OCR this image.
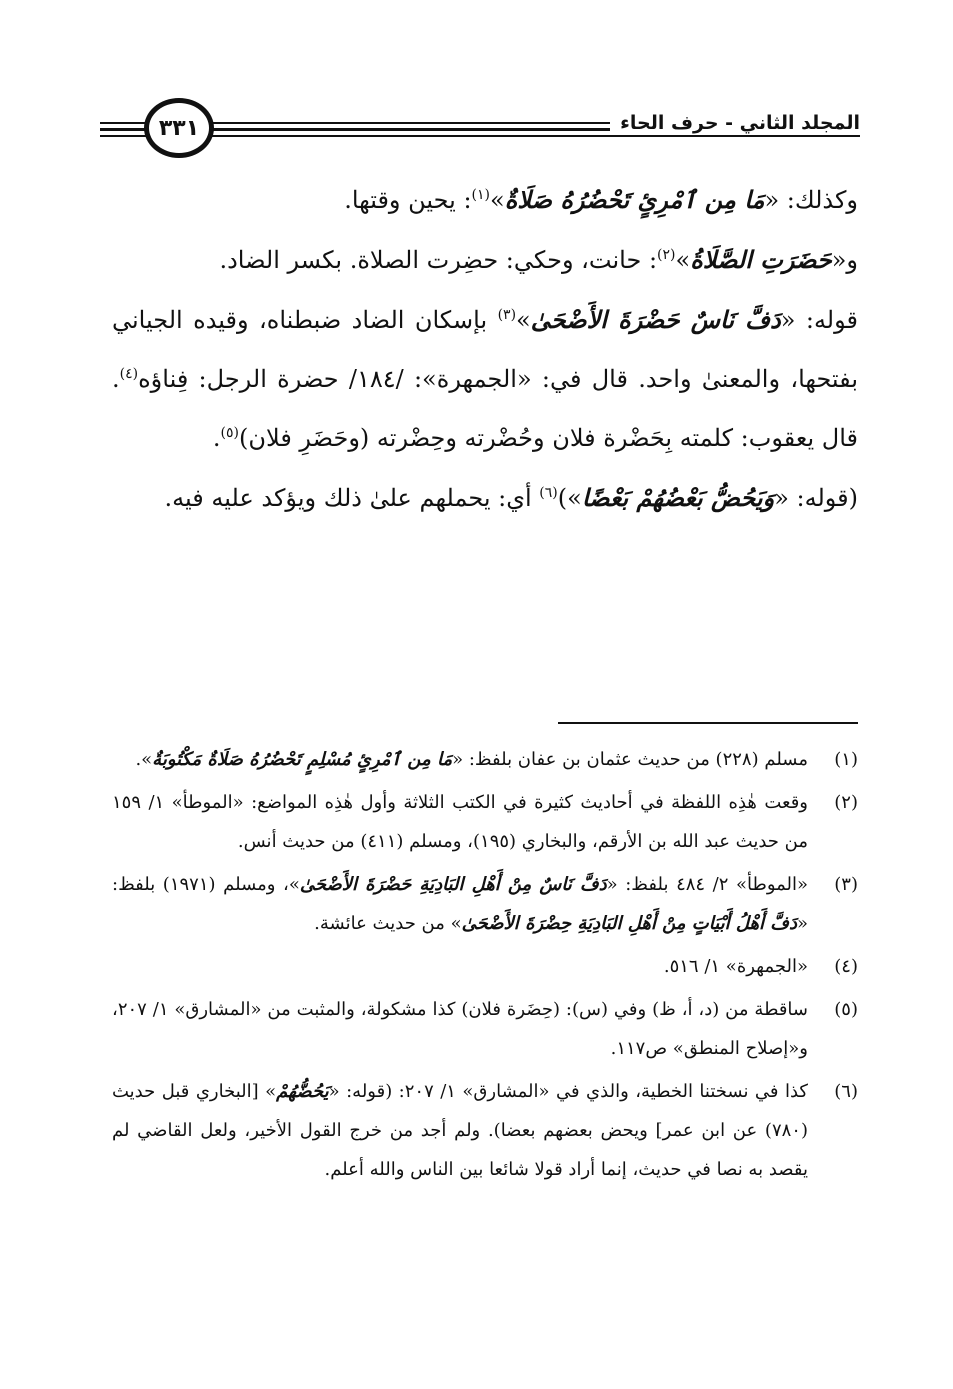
المجلد الثاني - حرف الحاء
٣٣١

وكذلك: «مَا مِن ٱمْرِئٍ تَحْضُرُهُ صَلَاةٌ»$^{(١)}$: يحين وقتها.

و«حَضَرَتِ الصَّلَاةُ»$^{(٢)}$: حانت، وحكي: حضِرت الصلاة. بكسر الضاد.

قوله: «دَفَّ نَاسٌ حَضْرَةَ الأَضْحَىٰ»$^{(٣)}$ بإسكان الضاد ضبطناه، وقيده الجياني بفتحها، والمعنىٰ واحد. قال في: «الجمهرة»: /١٨٤/ حضرة الرجل: فِناؤه$^{(٤)}$. قال يعقوب: كلمته بِحَضْرة فلان وحُضْرته وحِضْرته (وحَضَرِ فلان)$^{(٥)}$.

(قوله: «وَيَحُضُّ بَعْضُهُمْ بَعْضًا»)$^{(٦)}$ أي: يحملهم علىٰ ذلك ويؤكد عليه فيه.

(١)
مسلم (٢٢٨) من حديث عثمان بن عفان بلفظ: «مَا مِن ٱمْرِئٍ مُسْلِمٍ تَحْضُرُهُ صَلَاةٌ مَكْتُوبَةٌ».
(٢)
وقعت هٰذِه اللفظة في أحاديث كثيرة في الكتب الثلاثة وأول هٰذِه المواضع: «الموطأ» ١/ ١٥٩ من حديث عبد الله بن الأرقم، والبخاري (١٩٥)، ومسلم (٤١١) من حديث أنس.
(٣)
«الموطأ» ٢/ ٤٨٤ بلفظ: «دَفَّ نَاسٌ مِنْ أَهْلِ البَادِيَةِ حَضْرَةَ الأَضْحَىٰ»، ومسلم (١٩٧١) بلفظ: «دَفَّ أَهْلُ أَبْيَاتٍ مِنْ أَهْلِ البَادِيَةِ حِضْرَةَ الأَضْحَىٰ» من حديث عائشة.
(٤)
«الجمهرة» ١/ ٥١٦.
(٥)
ساقطة من (د، أ، ظ) وفي (س): (حِضَرة فلان) كذا مشكولة، والمثبت من «المشارق» ١/ ٢٠٧، و«إصلاح المنطق» ص١١٧.
(٦)
كذا في نسختنا الخطية، والذي في «المشارق» ١/ ٢٠٧: (قوله: «يَحُضُّهُمْ» [البخاري قبل حديث (٧٨٠) عن ابن عمر] ويحض بعضهم بعضا). ولم أجد من خرج القول الأخير، ولعل القاضي لم يقصد به نصا في حديث، إنما أراد قولا شائعا بين الناس والله أعلم.
